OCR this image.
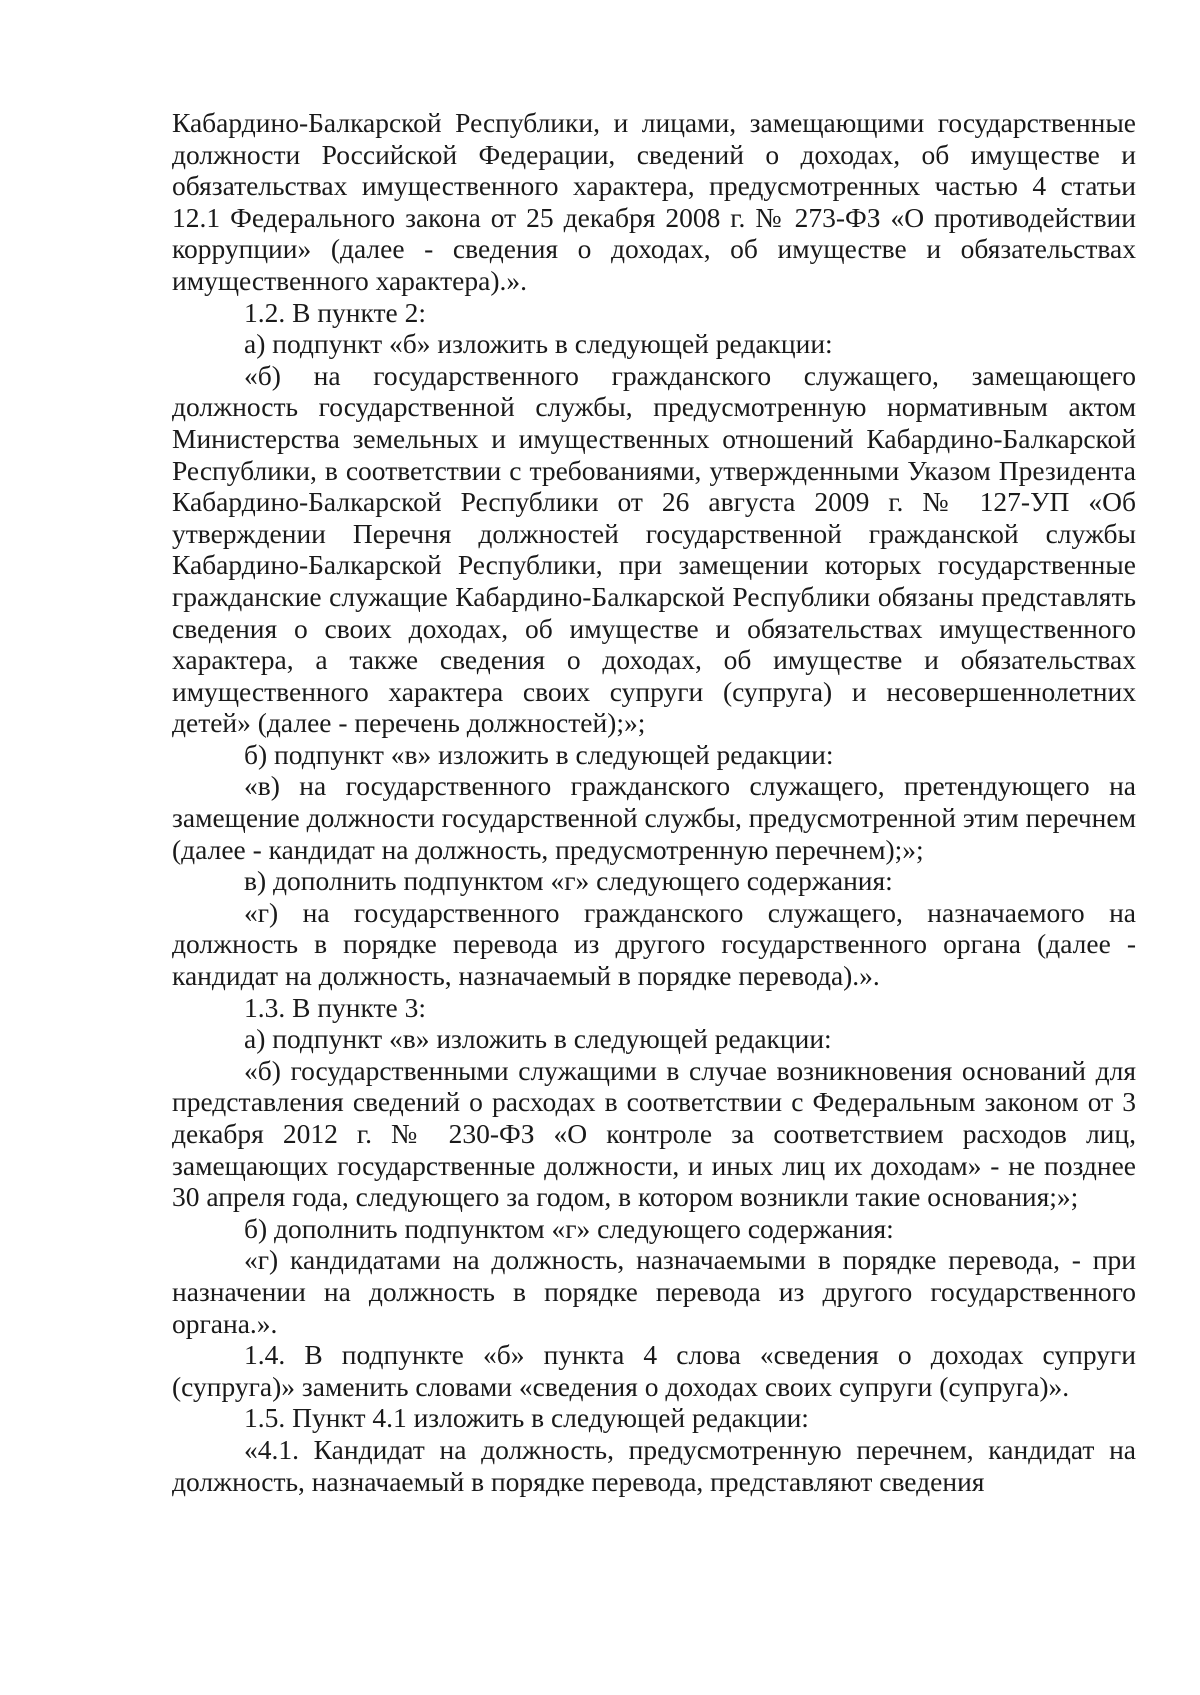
Кабардино-Балкарской Республики, и лицами, замещающими государственные должности Российской Федерации, сведений о доходах, об имуществе и обязательствах имущественного характера, предусмотренных частью 4 статьи 12.1 Федерального закона от 25 декабря 2008 г. № 273-ФЗ «О противодействии коррупции» (далее - сведения о доходах, об имуществе и обязательствах имущественного характера).».

1.2. В пункте 2:

а) подпункт «б» изложить в следующей редакции:

«б) на государственного гражданского служащего, замещающего должность государственной службы, предусмотренную нормативным актом Министерства земельных и имущественных отношений Кабардино-Балкарской Республики, в соответствии с требованиями, утвержденными Указом Президента Кабардино-Балкарской Республики от 26 августа 2009 г. № 127-УП «Об утверждении Перечня должностей государственной гражданской службы Кабардино-Балкарской Республики, при замещении которых государственные гражданские служащие Кабардино-Балкарской Республики обязаны представлять сведения о своих доходах, об имуществе и обязательствах имущественного характера, а также сведения о доходах, об имуществе и обязательствах имущественного характера своих супруги (супруга) и несовершеннолетних детей» (далее - перечень должностей);»;

б) подпункт «в» изложить в следующей редакции:

«в) на государственного гражданского служащего, претендующего на замещение должности государственной службы, предусмотренной этим перечнем (далее - кандидат на должность, предусмотренную перечнем);»;

в) дополнить подпунктом «г» следующего содержания:

«г) на государственного гражданского служащего, назначаемого на должность в порядке перевода из другого государственного органа (далее - кандидат на должность, назначаемый в порядке перевода).».

1.3. В пункте 3:

а) подпункт «в» изложить в следующей редакции:

«б) государственными служащими в случае возникновения оснований для представления сведений о расходах в соответствии с Федеральным законом от 3 декабря 2012 г. № 230-ФЗ «О контроле за соответствием расходов лиц, замещающих государственные должности, и иных лиц их доходам» - не позднее 30 апреля года, следующего за годом, в котором возникли такие основания;»;

б) дополнить подпунктом «г» следующего содержания:

«г) кандидатами на должность, назначаемыми в порядке перевода, - при назначении на должность в порядке перевода из другого государственного органа.».

1.4. В подпункте «б» пункта 4 слова «сведения о доходах супруги (супруга)» заменить словами «сведения о доходах своих супруги (супруга)».

1.5. Пункт 4.1 изложить в следующей редакции:

«4.1. Кандидат на должность, предусмотренную перечнем, кандидат на должность, назначаемый в порядке перевода, представляют сведения
